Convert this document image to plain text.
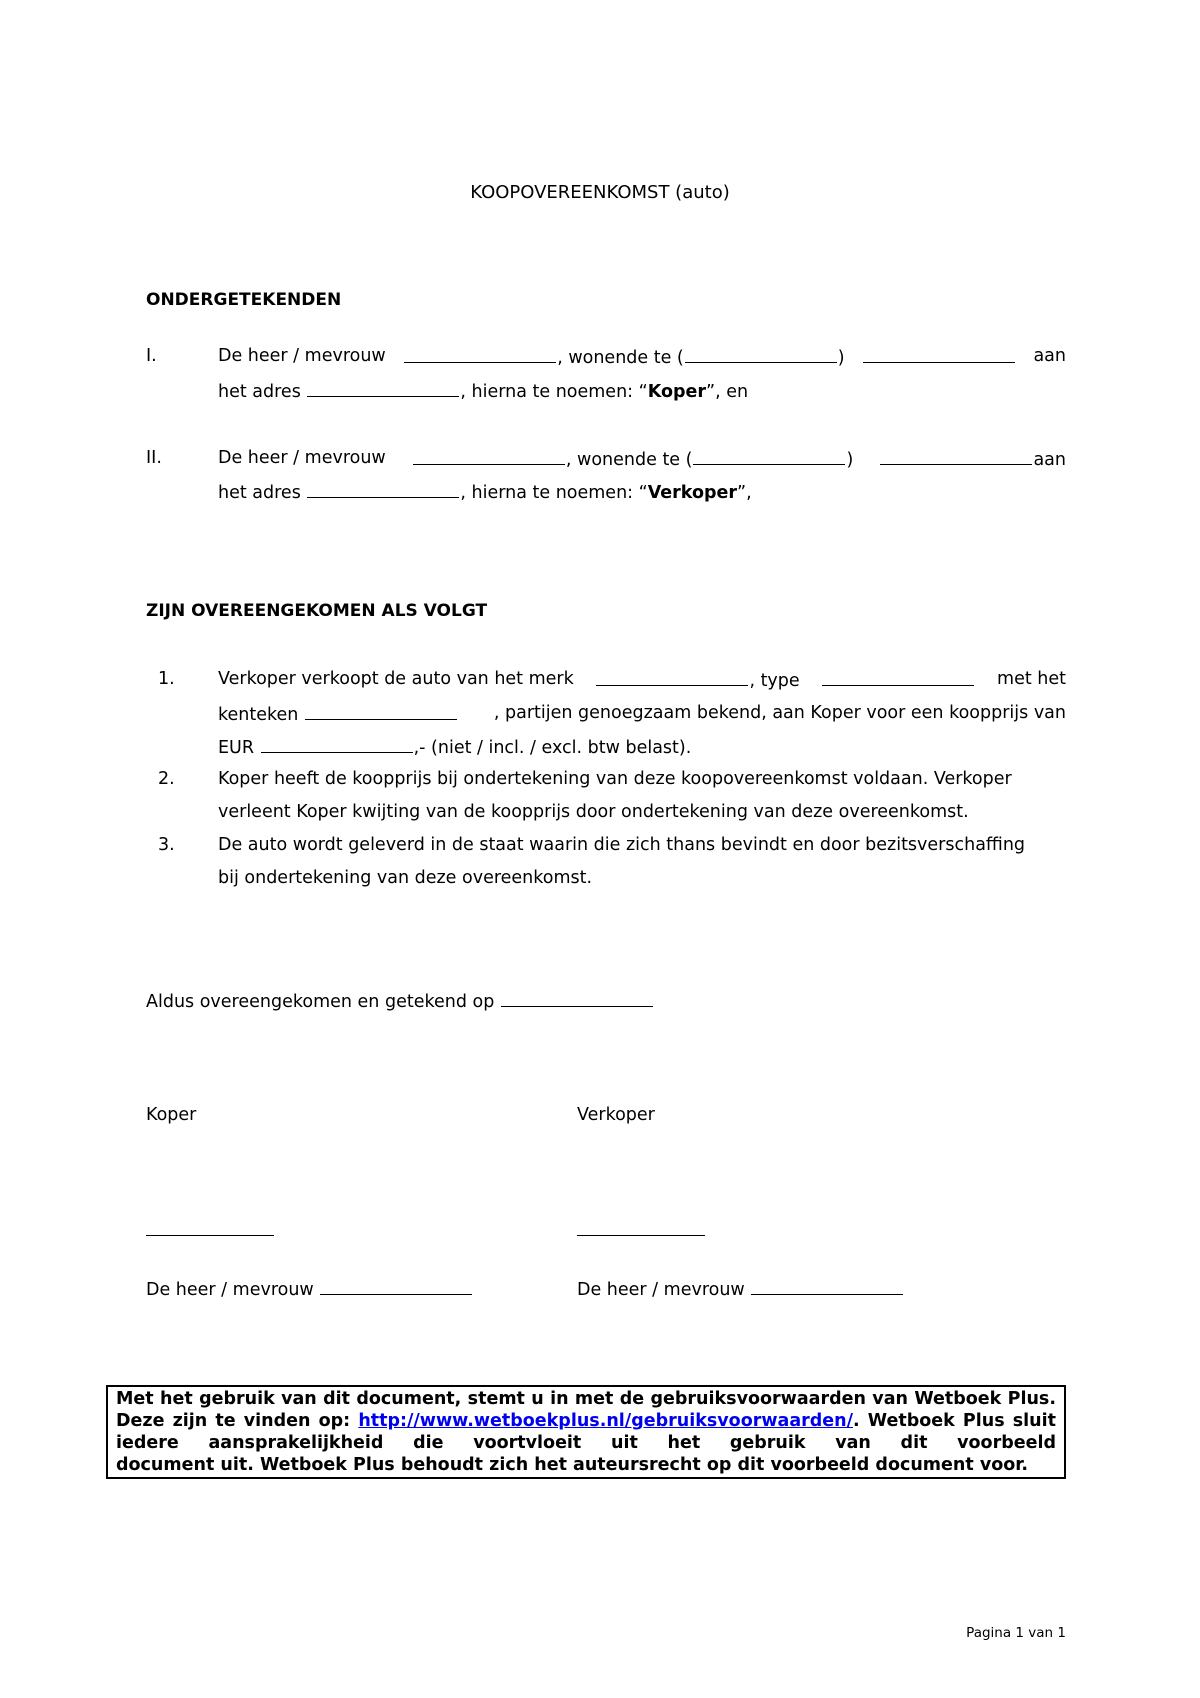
KOOPOVEREENKOMST (auto)
ONDERGETEKENDEN
I.	De heer / mevrouw	, wonende te (	)	aan
het adres	, hierna te noemen: “Koper”, en
II.	De heer / mevrouw	, wonende te (	)	aan
het adres	, hierna te noemen: “Verkoper”,
ZIJN OVEREENGEKOMEN ALS VOLGT
1. Verkoper verkoopt de auto van het merk	, type	met het
kenteken	, partijen genoegzaam bekend, aan Koper voor een koopprijs van
EUR	,- (niet / incl. / excl. btw belast).
2. Koper heeft de koopprijs bij ondertekening van deze koopovereenkomst voldaan. Verkoper
verleent Koper kwijting van de koopprijs door ondertekening van deze overeenkomst.
3. De auto wordt geleverd in de staat waarin die zich thans bevindt en door bezitsverschaffing
bij ondertekening van deze overeenkomst.
Aldus overeengekomen en getekend op
Koper	Verkoper
De heer / mevrouw	De heer / mevrouw
Met het gebruik van dit document, stemt u in met de gebruiksvoorwaarden van Wetboek Plus. Deze zijn te vinden op: http://www.wetboekplus.nl/gebruiksvoorwaarden/. Wetboek Plus sluit iedere aansprakelijkheid die voortvloeit uit het gebruik van dit voorbeeld
document uit. Wetboek Plus behoudt zich het auteursrecht op dit voorbeeld document voor.
Pagina 1 van 1
